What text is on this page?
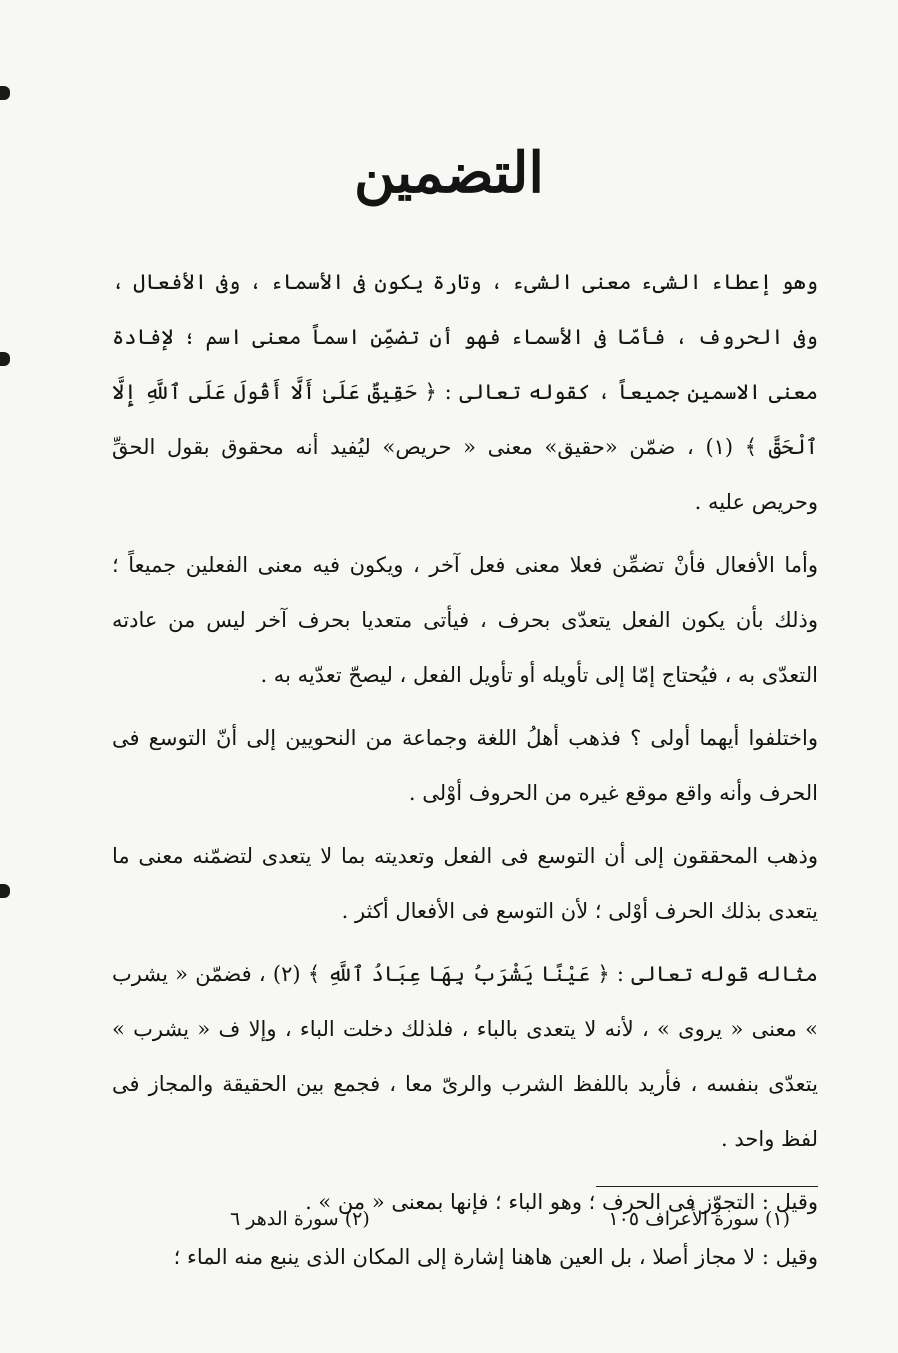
التضمين

وهو إعطاء الشىء معنى الشىء ، وتارة يكون فى الأسماء ، وفى الأفعال ، وفى الحروف ، فأمّا فى الأسماء فهو أن تضمِّن اسماً معنى اسم ؛ لإفادة معنى الاسمين جميعاً ، كقوله تعالى : ﴿ حَقِيقٌ عَلَىٰ أَلَّا أَقُولَ عَلَى ٱللَّهِ إِلَّا ٱلْحَقَّ ﴾ (١) ، ضمّن «حقيق» معنى « حريص» ليُفيد أنه محقوق بقول الحقِّ وحريص عليه .

وأما الأفعال فأنْ تضمِّن فعلا معنى فعل آخر ، ويكون فيه معنى الفعلين جميعاً ؛ وذلك بأن يكون الفعل يتعدّى بحرف ، فيأتى متعديا بحرف آخر ليس من عادته التعدّى به ، فيُحتاج إمّا إلى تأويله أو تأويل الفعل ، ليصحّ تعدّيه به .

واختلفوا أيهما أولى ؟ فذهب أهلُ اللغة وجماعة من النحويين إلى أنّ التوسع فى الحرف وأنه واقع موقع غيره من الحروف أوْلى .

وذهب المحققون إلى أن التوسع فى الفعل وتعديته بما لا يتعدى لتضمّنه معنى ما يتعدى بذلك الحرف أوْلى ؛ لأن التوسع فى الأفعال أكثر .

مثاله قوله تعالى : ﴿ عَيْنًا يَشْرَبُ بِهَا عِبَادُ ٱللَّهِ ﴾ (٢) ، فضمّن « يشرب » معنى « يروى » ، لأنه لا يتعدى بالباء ، فلذلك دخلت الباء ، وإلا ف « يشرب » يتعدّى بنفسه ، فأريد باللفظ الشرب والرىّ معا ، فجمع بين الحقيقة والمجاز فى لفظ واحد .

وقيل : التجوّز فى الحرف ؛ وهو الباء ؛ فإنها بمعنى « من » .

وقيل : لا مجاز أصلا ، بل العين هاهنا إشارة إلى المكان الذى ينبع منه الماء ؛

(١) سورة الأعراف ١٠٥
(٢) سورة الدهر ٦
